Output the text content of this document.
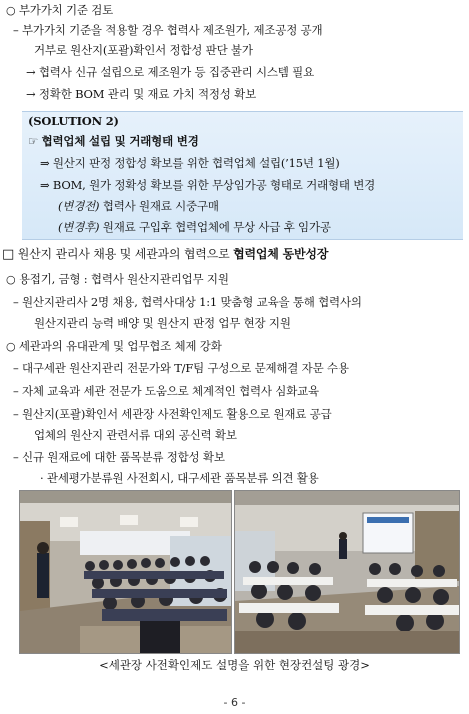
○ 부가가치 기준 검토
– 부가가치 기준을 적용할 경우 협력사 제조원가, 제조공정 공개
거부로 원산지(포괄)확인서 정합성 판단 불가
→ 협력사 신규 설립으로 제조원가 등 집중관리 시스템 필요
→ 정확한 BOM 관리 및 재료 가치 적정성 확보
(SOLUTION 2)
☞ 협력업체 설립 및 거래형태 변경
⇒ 원산지 판정 정합성 확보를 위한 협력업체 설립(’15년 1월)
⇒ BOM, 원가 정확성 확보를 위한 무상임가공 형태로 거래형태 변경
(변경전) 협력사 원재료 시중구매
(변경후) 원재료 구입후 협력업체에 무상 사급 후 임가공
□ 원산지 관리사 채용 및 세관과의 협력으로 협력업체 동반성장
○ 용접기, 금형 : 협력사 원산지관리업무 지원
– 원산지관리사 2명 채용, 협력사대상 1:1 맞춤형 교육을 통해 협력사의
원산지관리 능력 배양 및 원산지 판정 업무 현장 지원
○ 세관과의 유대관계 및 업무협조 체제 강화
– 대구세관 원산지관리 전문가와 T/F팀 구성으로 문제해결 자문 수용
– 자체 교육과 세관 전문가 도움으로 체계적인 협력사 심화교육
– 원산지(포괄)확인서 세관장 사전확인제도 활용으로 원재료 공급
업체의 원산지 관련서류 대외 공신력 확보
– 신규 원재료에 대한 품목분류 정합성 확보
· 관세평가분류원 사전회시, 대구세관 품목분류 의견 활용
<세관장 사전확인제도 설명을 위한 현장컨설팅 광경>
- 6 -
